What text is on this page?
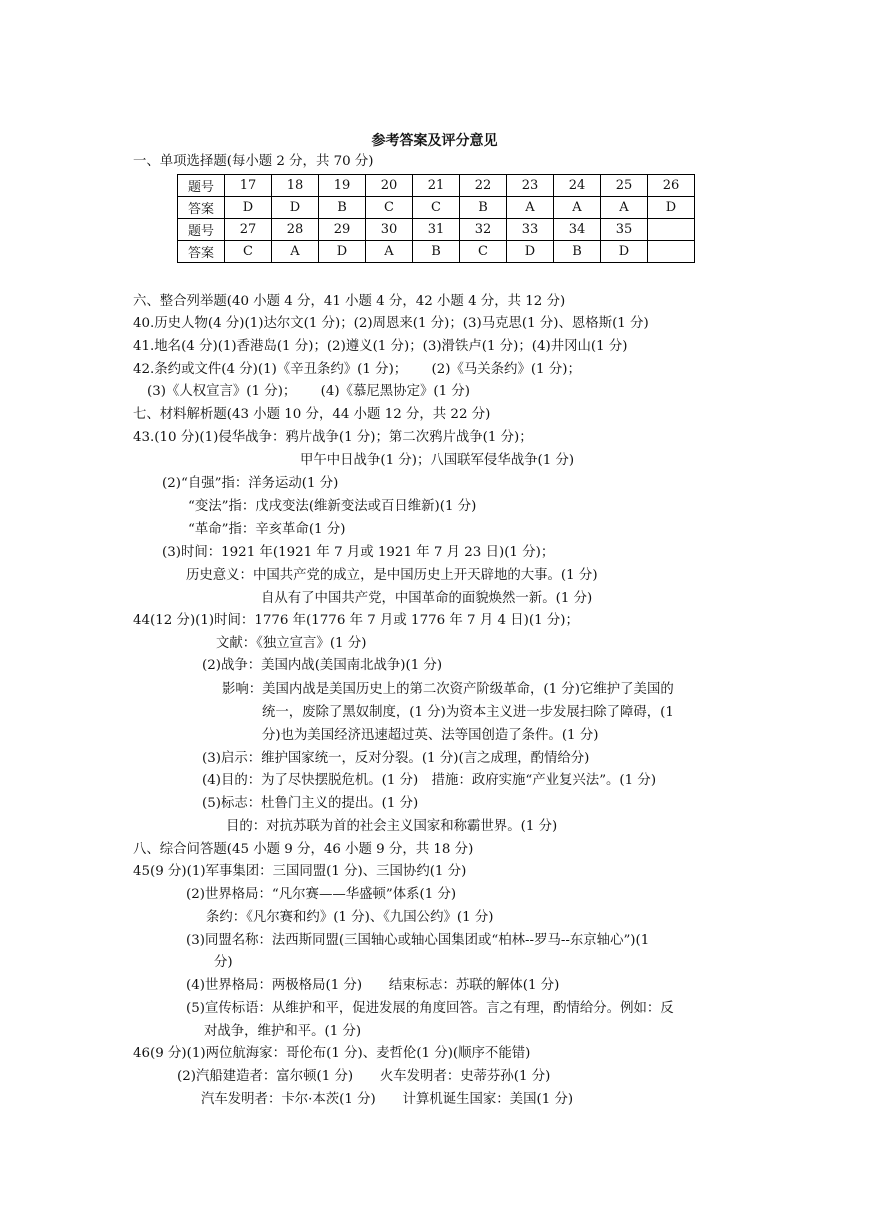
参考答案及评分意见
一、单项选择题(每小题 2 分，共 70 分)
题号	17	18	19	20	21	22	23	24	25	26
答案	D	D	B	C	C	B	A	A	A	D
题号	27	28	29	30	31	32	33	34	35	
答案	C	A	D	A	B	C	D	B	D	
六、整合列举题(40 小题 4 分，41 小题 4 分，42 小题 4 分，共 12 分)
40.历史人物(4 分)(1)达尔文(1 分)；(2)周恩来(1 分)；(3)马克思(1 分)、恩格斯(1 分)
41.地名(4 分)(1)香港岛(1 分)；(2)遵义(1 分)；(3)滑铁卢(1 分)；(4)井冈山(1 分)
42.条约或文件(4 分)(1)《辛丑条约》(1 分)；　　 (2)《马关条约》(1 分)；
(3)《人权宣言》(1 分)；　　 (4)《慕尼黑协定》(1 分)
七、材料解析题(43 小题 10 分，44 小题 12 分，共 22 分)
43.(10 分)(1)侵华战争：鸦片战争(1 分)；第二次鸦片战争(1 分)；
甲午中日战争(1 分)；八国联军侵华战争(1 分)
(2)“自强”指：洋务运动(1 分)
“变法”指：戊戌变法(维新变法或百日维新)(1 分)
“革命”指：辛亥革命(1 分)
(3)时间：1921 年(1921 年 7 月或 1921 年 7 月 23 日)(1 分)；
历史意义：中国共产党的成立，是中国历史上开天辟地的大事。(1 分)
自从有了中国共产党，中国革命的面貌焕然一新。(1 分)
44(12 分)(1)时间：1776 年(1776 年 7 月或 1776 年 7 月 4 日)(1 分)；
文献：《独立宣言》(1 分)
(2)战争：美国内战(美国南北战争)(1 分)
影响：美国内战是美国历史上的第二次资产阶级革命，(1 分)它维护了美国的
统一，废除了黑奴制度，(1 分)为资本主义进一步发展扫除了障碍，(1
分)也为美国经济迅速超过英、法等国创造了条件。(1 分)
(3)启示：维护国家统一，反对分裂。(1 分)(言之成理，酌情给分)
(4)目的：为了尽快摆脱危机。(1 分)　措施：政府实施“产业复兴法”。(1 分)
(5)标志：杜鲁门主义的提出。(1 分)
目的：对抗苏联为首的社会主义国家和称霸世界。(1 分)
八、综合问答题(45 小题 9 分，46 小题 9 分，共 18 分)
45(9 分)(1)军事集团：三国同盟(1 分)、三国协约(1 分)
(2)世界格局：“凡尔赛——华盛顿”体系(1 分)
条约：《凡尔赛和约》(1 分)、《九国公约》(1 分)
(3)同盟名称：法西斯同盟(三国轴心或轴心国集团或“柏林--罗马--东京轴心”)(1
分)
(4)世界格局：两极格局(1 分)　　结束标志：苏联的解体(1 分)
(5)宣传标语：从维护和平，促进发展的角度回答。言之有理，酌情给分。例如：反
对战争，维护和平。(1 分)
46(9 分)(1)两位航海家：哥伦布(1 分)、麦哲伦(1 分)(顺序不能错)
(2)汽船建造者：富尔顿(1 分)　　火车发明者：史蒂芬孙(1 分)
汽车发明者：卡尔·本茨(1 分)　　计算机诞生国家：美国(1 分)
